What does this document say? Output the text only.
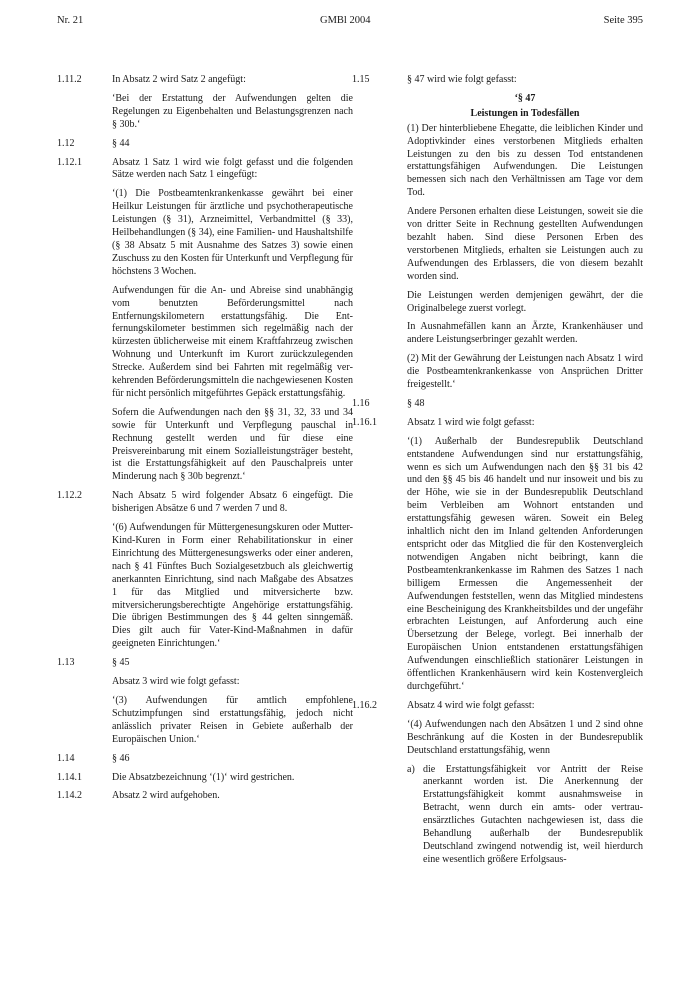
Nr. 21	GMBl 2004	Seite 395
1.11.2	In Absatz 2 wird Satz 2 angefügt:

‘Bei der Erstattung der Aufwendungen gelten die Regelungen zu Eigenbehalten und Belastungsgrenzen nach § 30b.‘

1.12	§ 44

1.12.1	Absatz 1 Satz 1 wird wie folgt gefasst und die folgenden Sätze werden nach Satz 1 eingefügt:

‘(1) Die Postbeamtenkrankenkasse gewährt bei einer Heilkur Leistungen für ärztliche und psychotherapeutische Leistungen (§ 31), Arzneimittel, Verbandmittel (§ 33), Heilbehandlungen (§ 34), eine Familien- und Haushaltshilfe (§ 38 Absatz 5 mit Ausnahme des Satzes 3) sowie einen Zuschuss zu den Kosten für Unterkunft und Verpflegung für höchstens 3 Wochen.

Aufwendungen für die An- und Abreise sind unabhängig vom benutzten Beförderungsmittel nach Entfernungskilometern erstattungsfähig. Die Entfernungskilometer bestimmen sich regelmäßig nach der kürzesten üblicherweise mit einem Kraftfahrzeug zwischen Wohnung und Unterkunft im Kurort zurückzulegenden Strecke. Außerdem sind bei Fahrten mit regelmäßig verkehrenden Beförderungsmitteln die nachgewiesenen Kosten für nicht persönlich mitgeführtes Gepäck erstattungsfähig.

Sofern die Aufwendungen nach den §§ 31, 32, 33 und 34 sowie für Unterkunft und Verpflegung pauschal in Rechnung gestellt werden und für diese eine Preisvereinbarung mit einem Sozialleistungsträger besteht, ist die Erstattungsfähigkeit auf den Pauschalpreis unter Minderung nach § 30b begrenzt.‘

1.12.2	Nach Absatz 5 wird folgender Absatz 6 eingefügt. Die bisherigen Absätze 6 und 7 werden 7 und 8.

‘(6) Aufwendungen für Müttergenesungskuren oder Mutter-Kind-Kuren in Form einer Rehabilitationskur in einer Einrichtung des Müttergenesungswerks oder einer anderen, nach § 41 Fünftes Buch Sozialgesetzbuch als gleichwertig anerkannten Einrichtung, sind nach Maßgabe des Absatzes 1 für das Mitglied und mitversicherte bzw. mitversicherungsberechtigte Angehörige erstattungsfähig. Die übrigen Bestimmungen des § 44 gelten sinngemäß. Dies gilt auch für Vater-Kind-Maßnahmen in dafür geeigneten Einrichtungen.‘

1.13	§ 45

Absatz 3 wird wie folgt gefasst:

‘(3) Aufwendungen für amtlich empfohlene Schutzimpfungen sind erstattungsfähig, jedoch nicht anlässlich privater Reisen in Gebiete außerhalb der Europäischen Union.‘

1.14	§ 46

1.14.1	Die Absatzbezeichnung ‘(1)‘ wird gestrichen.

1.14.2	Absatz 2 wird aufgehoben.

1.15	§ 47 wird wie folgt gefasst:

‘§ 47
Leistungen in Todesfällen

(1) Der hinterbliebene Ehegatte, die leiblichen Kinder und Adoptivkinder eines verstorbenen Mitglieds erhalten Leistungen zu den bis zu dessen Tod entstandenen erstattungsfähigen Aufwendungen. Die Leistungen bemessen sich nach den Verhältnissen am Tage vor dem Tod.

Andere Personen erhalten diese Leistungen, soweit sie die von dritter Seite in Rechnung gestellten Aufwendungen bezahlt haben. Sind diese Personen Erben des verstorbenen Mitglieds, erhalten sie Leistungen auch zu Aufwendungen des Erblassers, die von diesem bezahlt worden sind.

Die Leistungen werden demjenigen gewährt, der die Originalbelege zuerst vorlegt.

In Ausnahmefällen kann an Ärzte, Krankenhäuser und andere Leistungserbringer gezahlt werden.

(2) Mit der Gewährung der Leistungen nach Absatz 1 wird die Postbeamtenkrankenkasse von Ansprüchen Dritter freigestellt.‘

1.16	§ 48

1.16.1	Absatz 1 wird wie folgt gefasst:

‘(1) Außerhalb der Bundesrepublik Deutschland entstandene Aufwendungen sind nur erstattungsfähig, wenn es sich um Aufwendungen nach den §§ 31 bis 42 und den §§ 45 bis 46 handelt und nur insoweit und bis zu der Höhe, wie sie in der Bundesrepublik Deutschland beim Verbleiben am Wohnort entstanden und erstattungsfähig gewesen wären. Soweit ein Beleg inhaltlich nicht den im Inland geltenden Anforderungen entspricht oder das Mitglied die für den Kostenvergleich notwendigen Angaben nicht beibringt, kann die Postbeamtenkrankenkasse im Rahmen des Satzes 1 nach billigem Ermessen die Angemessenheit der Aufwendungen feststellen, wenn das Mitglied mindestens eine Bescheinigung des Krankheitsbildes und der ungefähr erbrachten Leistungen, auf Anforderung auch eine Übersetzung der Belege, vorlegt. Bei innerhalb der Europäischen Union entstandenen erstattungsfähigen Aufwendungen einschließlich stationärer Leistungen in öffentlichen Krankenhäusern wird kein Kostenvergleich durchgeführt.‘

1.16.2	Absatz 4 wird wie folgt gefasst:

‘(4) Aufwendungen nach den Absätzen 1 und 2 sind ohne Beschränkung auf die Kosten in der Bundesrepublik Deutschland erstattungsfähig, wenn

a) die Erstattungsfähigkeit vor Antritt der Reise anerkannt worden ist. Die Anerkennung der Erstattungsfähigkeit kommt ausnahmsweise in Betracht, wenn durch ein amts- oder vertrauensärztliches Gutachten nachgewiesen ist, dass die Behandlung außerhalb der Bundesrepublik Deutschland zwingend notwendig ist, weil hierdurch eine wesentlich größere Erfolgsaus-
